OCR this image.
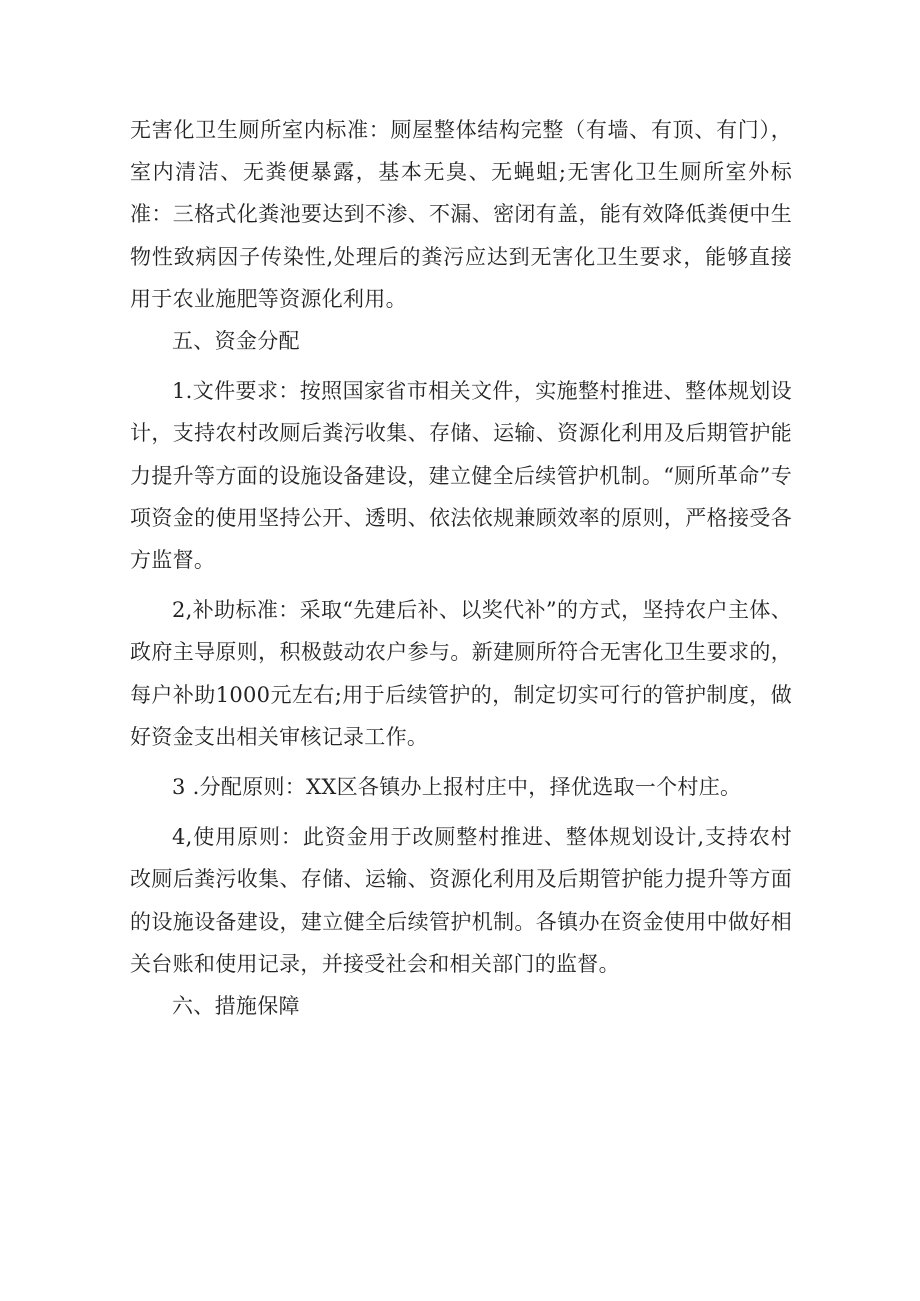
无害化卫生厕所室内标准：厕屋整体结构完整（有墙、有顶、有门），室内清洁、无粪便暴露，基本无臭、无蝇蛆;无害化卫生厕所室外标准：三格式化粪池要达到不渗、不漏、密闭有盖，能有效降低粪便中生物性致病因子传染性,处理后的粪污应达到无害化卫生要求，能够直接用于农业施肥等资源化利用。

五、资金分配

1.文件要求：按照国家省市相关文件，实施整村推进、整体规划设计，支持农村改厕后粪污收集、存储、运输、资源化利用及后期管护能力提升等方面的设施设备建设，建立健全后续管护机制。“厕所革命”专项资金的使用坚持公开、透明、依法依规兼顾效率的原则，严格接受各方监督。

2,补助标准：采取“先建后补、以奖代补”的方式，坚持农户主体、政府主导原则，积极鼓动农户参与。新建厕所符合无害化卫生要求的，每户补助1000元左右;用于后续管护的，制定切实可行的管护制度，做好资金支出相关审核记录工作。

3 .分配原则：XX区各镇办上报村庄中，择优选取一个村庄。

4,使用原则：此资金用于改厕整村推进、整体规划设计,支持农村改厕后粪污收集、存储、运输、资源化利用及后期管护能力提升等方面的设施设备建设，建立健全后续管护机制。各镇办在资金使用中做好相关台账和使用记录，并接受社会和相关部门的监督。

六、措施保障
